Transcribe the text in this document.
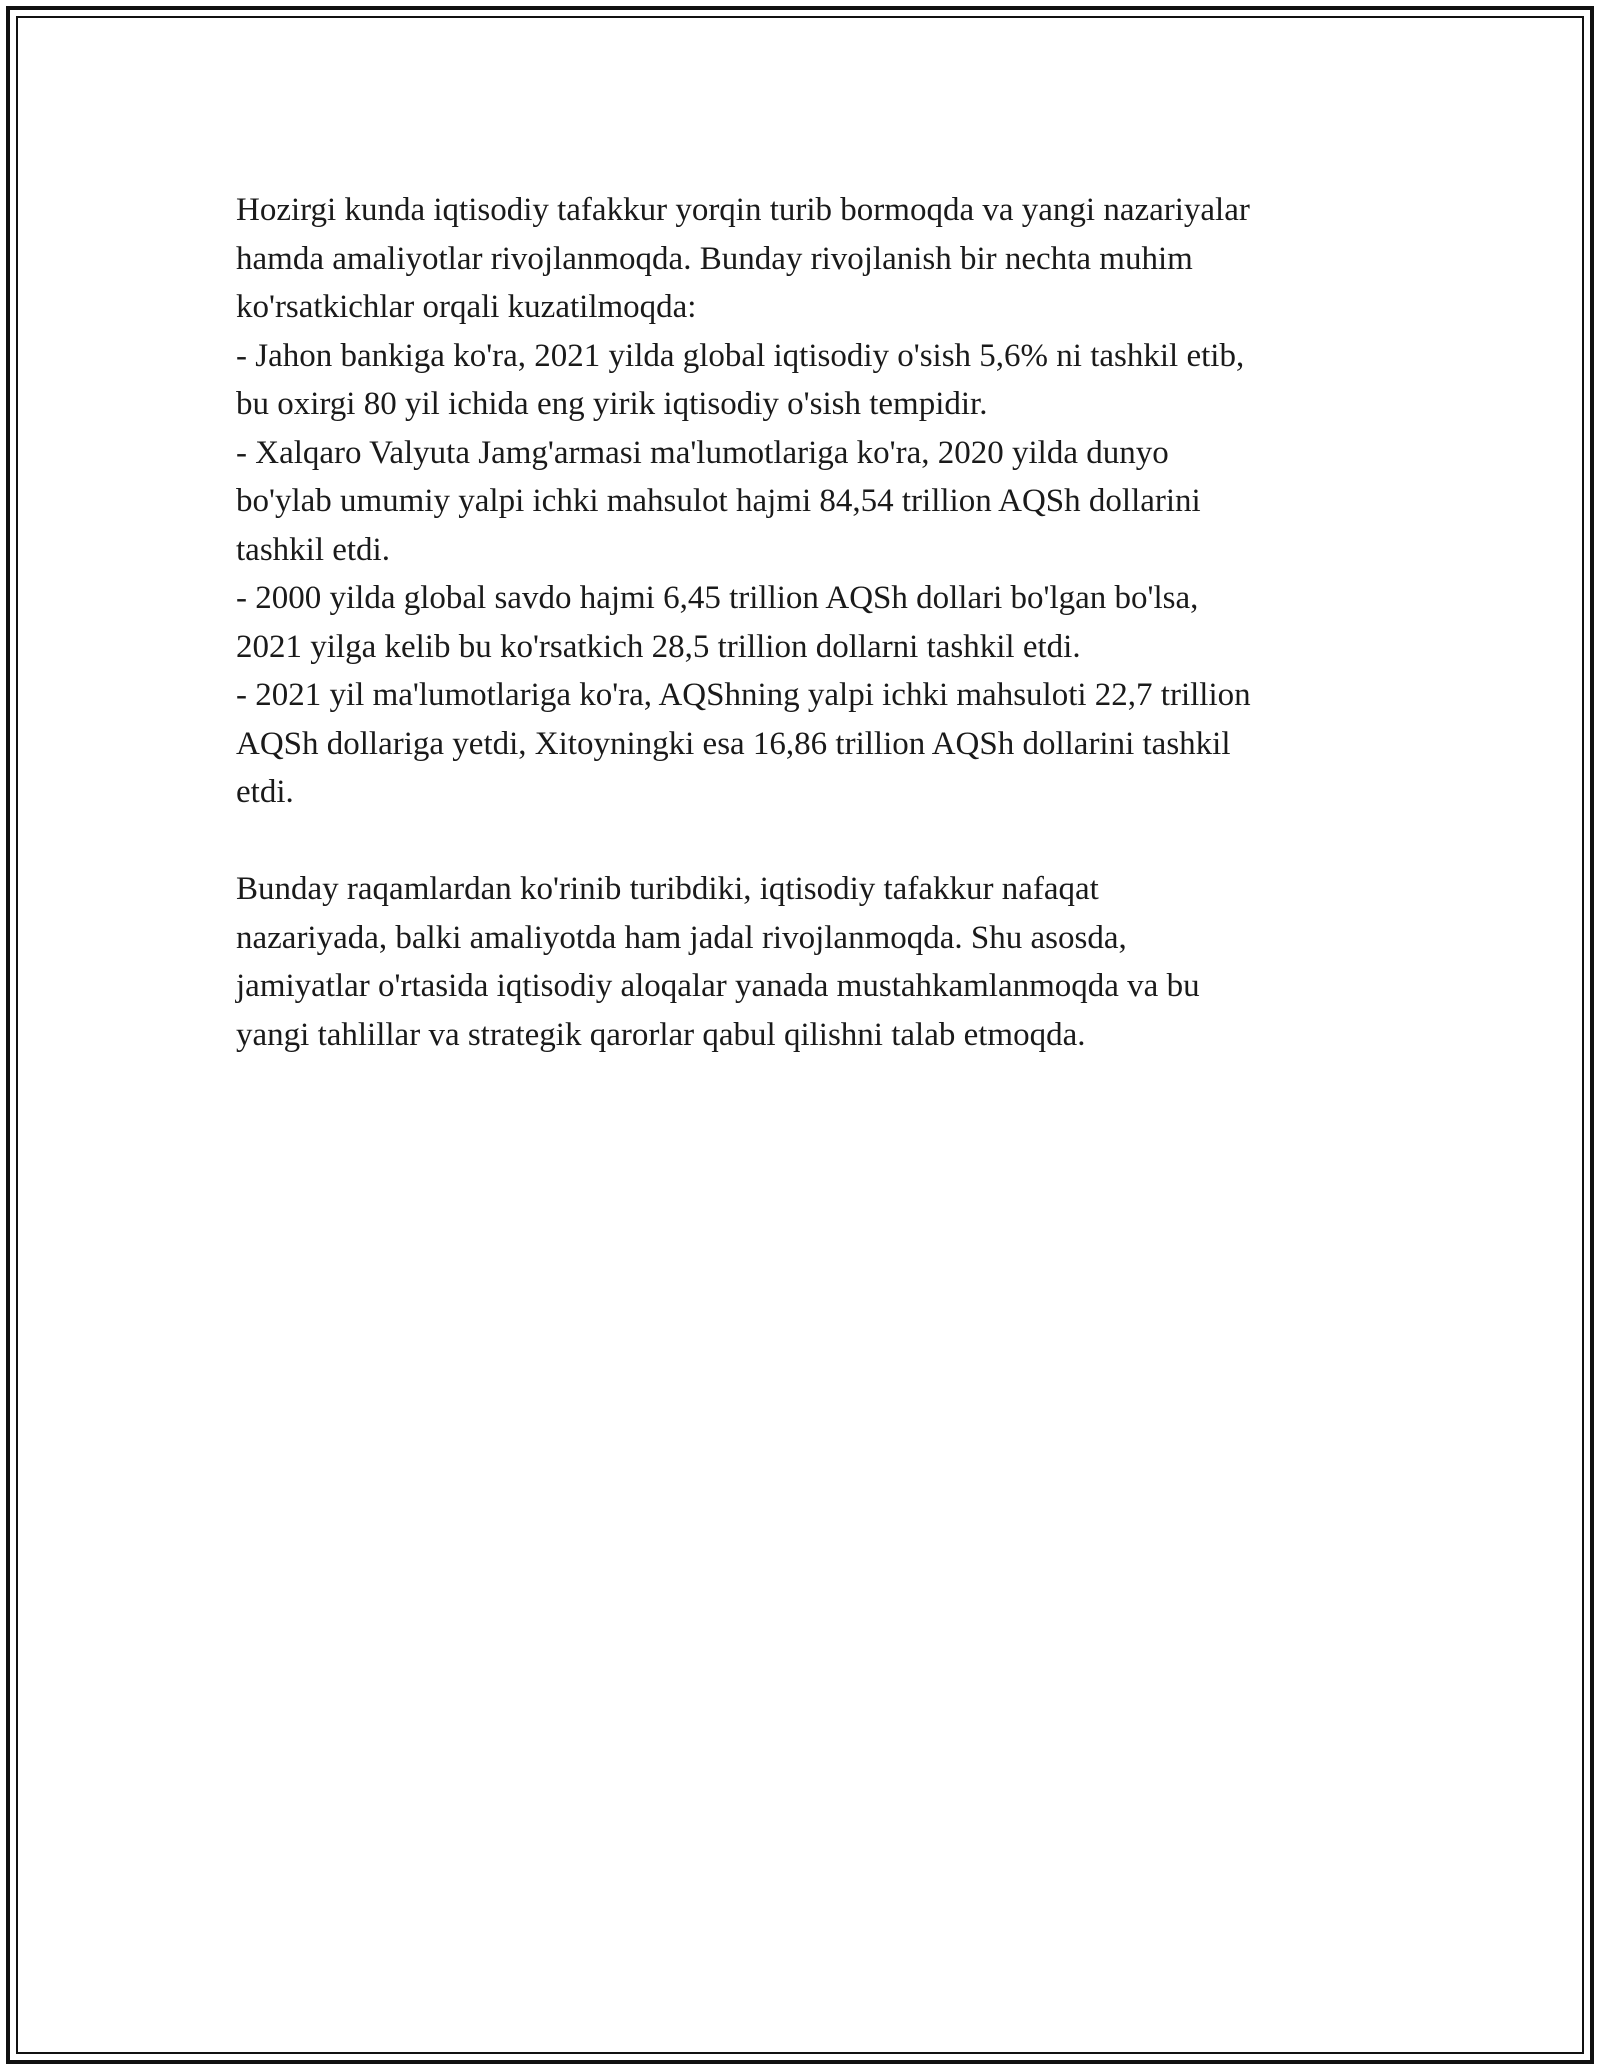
Hozirgi kunda iqtisodiy tafakkur yorqin turib bormoqda va yangi nazariyalar
hamda amaliyotlar rivojlanmoqda. Bunday rivojlanish bir nechta muhim
ko'rsatkichlar orqali kuzatilmoqda:
- Jahon bankiga ko'ra, 2021 yilda global iqtisodiy o'sish 5,6% ni tashkil etib,
bu oxirgi 80 yil ichida eng yirik iqtisodiy o'sish tempidir.
- Xalqaro Valyuta Jamg'armasi ma'lumotlariga ko'ra, 2020 yilda dunyo
bo'ylab umumiy yalpi ichki mahsulot hajmi 84,54 trillion AQSh dollarini
tashkil etdi.
- 2000 yilda global savdo hajmi 6,45 trillion AQSh dollari bo'lgan bo'lsa,
2021 yilga kelib bu ko'rsatkich 28,5 trillion dollarni tashkil etdi.
- 2021 yil ma'lumotlariga ko'ra, AQShning yalpi ichki mahsuloti 22,7 trillion
AQSh dollariga yetdi, Xitoyningki esa 16,86 trillion AQSh dollarini tashkil
etdi.

Bunday raqamlardan ko'rinib turibdiki, iqtisodiy tafakkur nafaqat
nazariyada, balki amaliyotda ham jadal rivojlanmoqda. Shu asosda,
jamiyatlar o'rtasida iqtisodiy aloqalar yanada mustahkamlanmoqda va bu
yangi tahlillar va strategik qarorlar qabul qilishni talab etmoqda.
